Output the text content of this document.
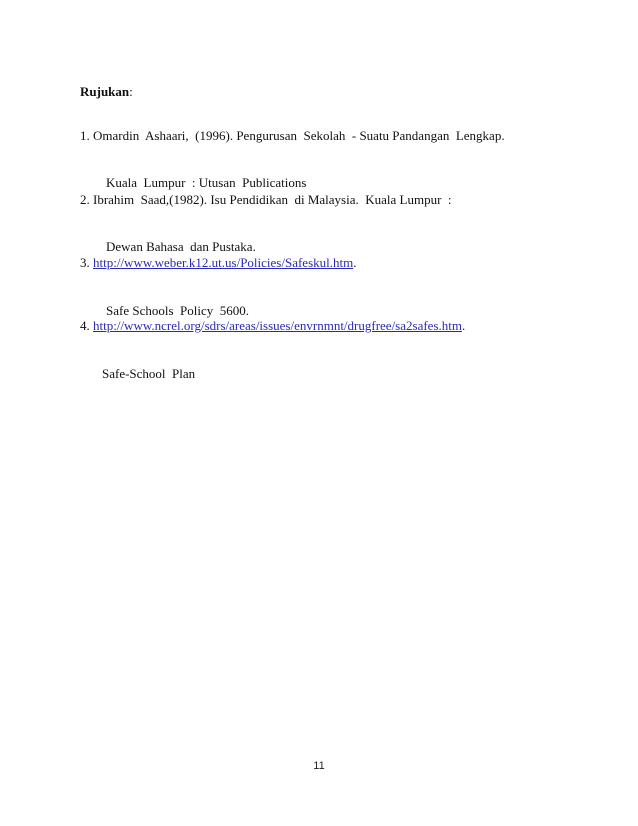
Rujukan:
1. Omardin  Ashaari,  (1996). Pengurusan  Sekolah  - Suatu Pandangan  Lengkap.

Kuala  Lumpur  : Utusan  Publications

2. Ibrahim  Saad,(1982). Isu Pendidikan  di Malaysia.  Kuala Lumpur  :

Dewan Bahasa  dan Pustaka.

3. http://www.weber.k12.ut.us/Policies/Safeskul.htm.

Safe Schools  Policy  5600.

4. http://www.ncrel.org/sdrs/areas/issues/envrnmnt/drugfree/sa2safes.htm.

Safe-School  Plan

11
